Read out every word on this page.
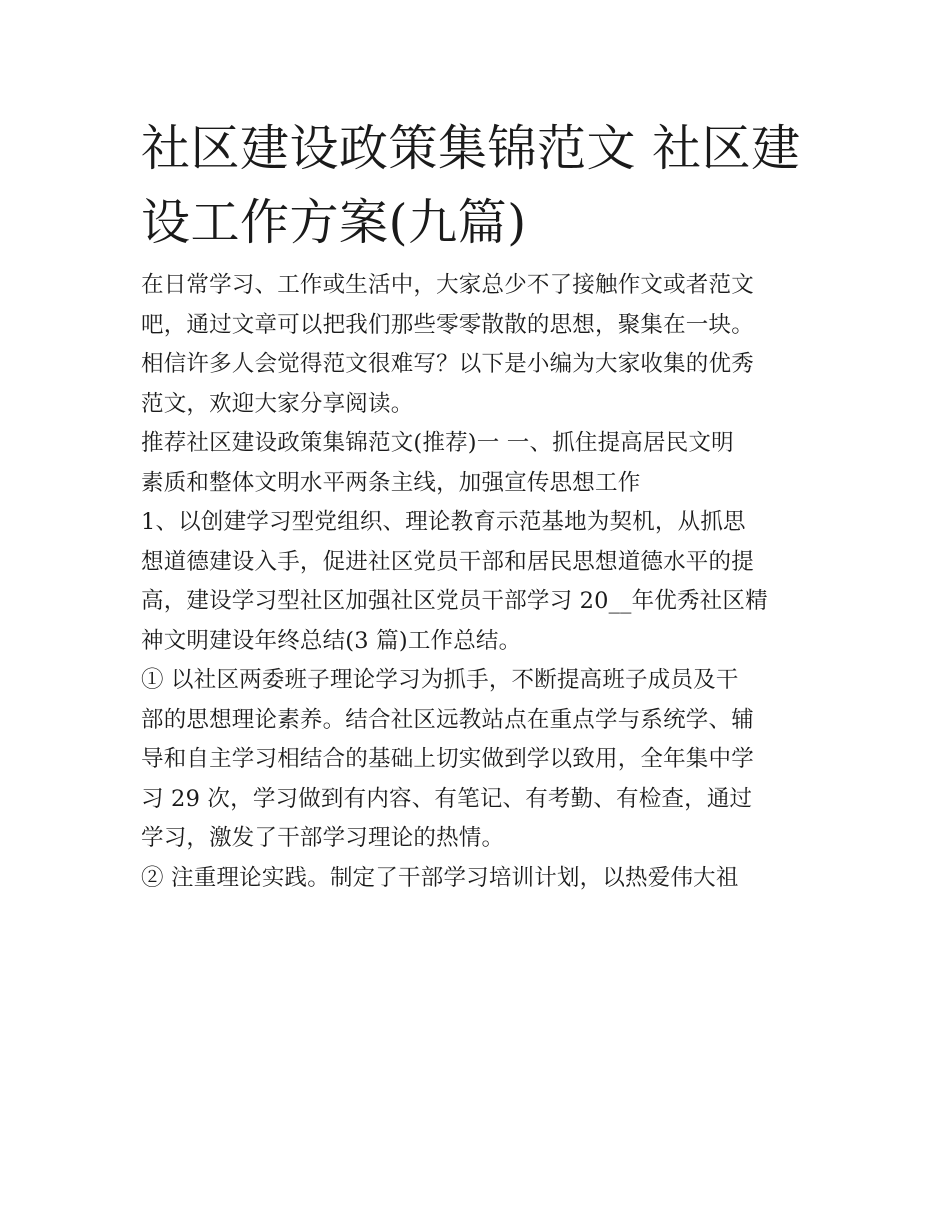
社区建设政策集锦范文 社区建
设工作方案(九篇)

在日常学习、工作或生活中，大家总少不了接触作文或者范文
吧，通过文章可以把我们那些零零散散的思想，聚集在一块。
相信许多人会觉得范文很难写？以下是小编为大家收集的优秀
范文，欢迎大家分享阅读。

推荐社区建设政策集锦范文(推荐)一 一、抓住提高居民文明
素质和整体文明水平两条主线，加强宣传思想工作

1、以创建学习型党组织、理论教育示范基地为契机，从抓思
想道德建设入手，促进社区党员干部和居民思想道德水平的提
高，建设学习型社区加强社区党员干部学习 20__年优秀社区精
神文明建设年终总结(3 篇)工作总结。

① 以社区两委班子理论学习为抓手，不断提高班子成员及干
部的思想理论素养。结合社区远教站点在重点学与系统学、辅
导和自主学习相结合的基础上切实做到学以致用，全年集中学
习 29 次，学习做到有内容、有笔记、有考勤、有检查，通过
学习，激发了干部学习理论的热情。

② 注重理论实践。制定了干部学习培训计划，以热爱伟大祖
